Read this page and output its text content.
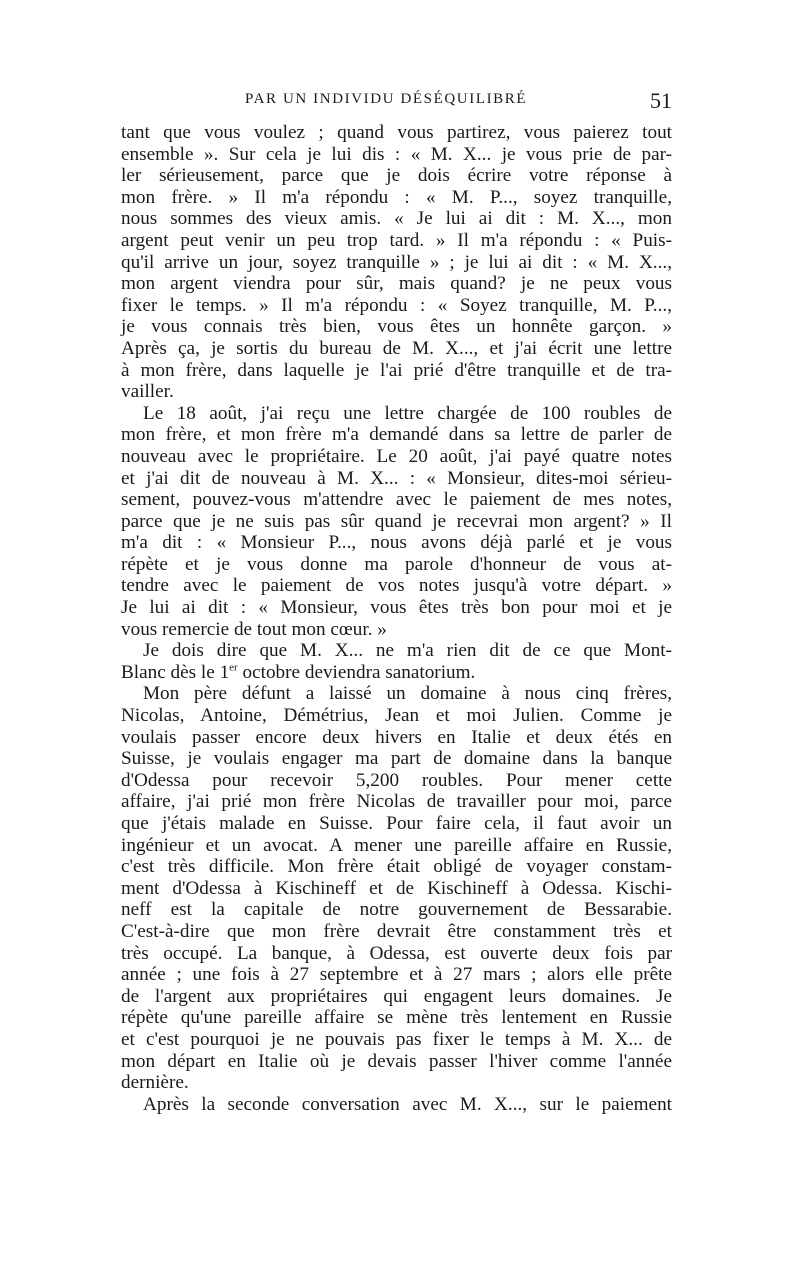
PAR UN INDIVIDU DÉSÉQUILIBRÉ	51

tant que vous voulez ; quand vous partirez, vous paierez tout
ensemble ». Sur cela je lui dis : « M. X... je vous prie de par-
ler sérieusement, parce que je dois écrire votre réponse à
mon frère. » Il m'a répondu : « M. P..., soyez tranquille,
nous sommes des vieux amis. « Je lui ai dit : M. X..., mon
argent peut venir un peu trop tard. » Il m'a répondu : « Puis-
qu'il arrive un jour, soyez tranquille » ; je lui ai dit : « M. X...,
mon argent viendra pour sûr, mais quand? je ne peux vous
fixer le temps. » Il m'a répondu : « Soyez tranquille, M. P...,
je vous connais très bien, vous êtes un honnête garçon. »
Après ça, je sortis du bureau de M. X..., et j'ai écrit une lettre
à mon frère, dans laquelle je l'ai prié d'être tranquille et de tra-
vailler.

Le 18 août, j'ai reçu une lettre chargée de 100 roubles de
mon frère, et mon frère m'a demandé dans sa lettre de parler de
nouveau avec le propriétaire. Le 20 août, j'ai payé quatre notes
et j'ai dit de nouveau à M. X... : « Monsieur, dites-moi sérieu-
sement, pouvez-vous m'attendre avec le paiement de mes notes,
parce que je ne suis pas sûr quand je recevrai mon argent? » Il
m'a dit : « Monsieur P..., nous avons déjà parlé et je vous
répète et je vous donne ma parole d'honneur de vous at-
tendre avec le paiement de vos notes jusqu'à votre départ. »
Je lui ai dit : « Monsieur, vous êtes très bon pour moi et je
vous remercie de tout mon cœur. »

Je dois dire que M. X... ne m'a rien dit de ce que Mont-
Blanc dès le 1er octobre deviendra sanatorium.

Mon père défunt a laissé un domaine à nous cinq frères,
Nicolas, Antoine, Démétrius, Jean et moi Julien. Comme je
voulais passer encore deux hivers en Italie et deux étés en
Suisse, je voulais engager ma part de domaine dans la banque
d'Odessa pour recevoir 5,200 roubles. Pour mener cette
affaire, j'ai prié mon frère Nicolas de travailler pour moi, parce
que j'étais malade en Suisse. Pour faire cela, il faut avoir un
ingénieur et un avocat. A mener une pareille affaire en Russie,
c'est très difficile. Mon frère était obligé de voyager constam-
ment d'Odessa à Kischineff et de Kischineff à Odessa. Kischi-
neff est la capitale de notre gouvernement de Bessarabie.
C'est-à-dire que mon frère devrait être constamment très et
très occupé. La banque, à Odessa, est ouverte deux fois par
année ; une fois à 27 septembre et à 27 mars ; alors elle prête
de l'argent aux propriétaires qui engagent leurs domaines. Je
répète qu'une pareille affaire se mène très lentement en Russie
et c'est pourquoi je ne pouvais pas fixer le temps à M. X... de
mon départ en Italie où je devais passer l'hiver comme l'année
dernière.

Après la seconde conversation avec M. X..., sur le paiement
